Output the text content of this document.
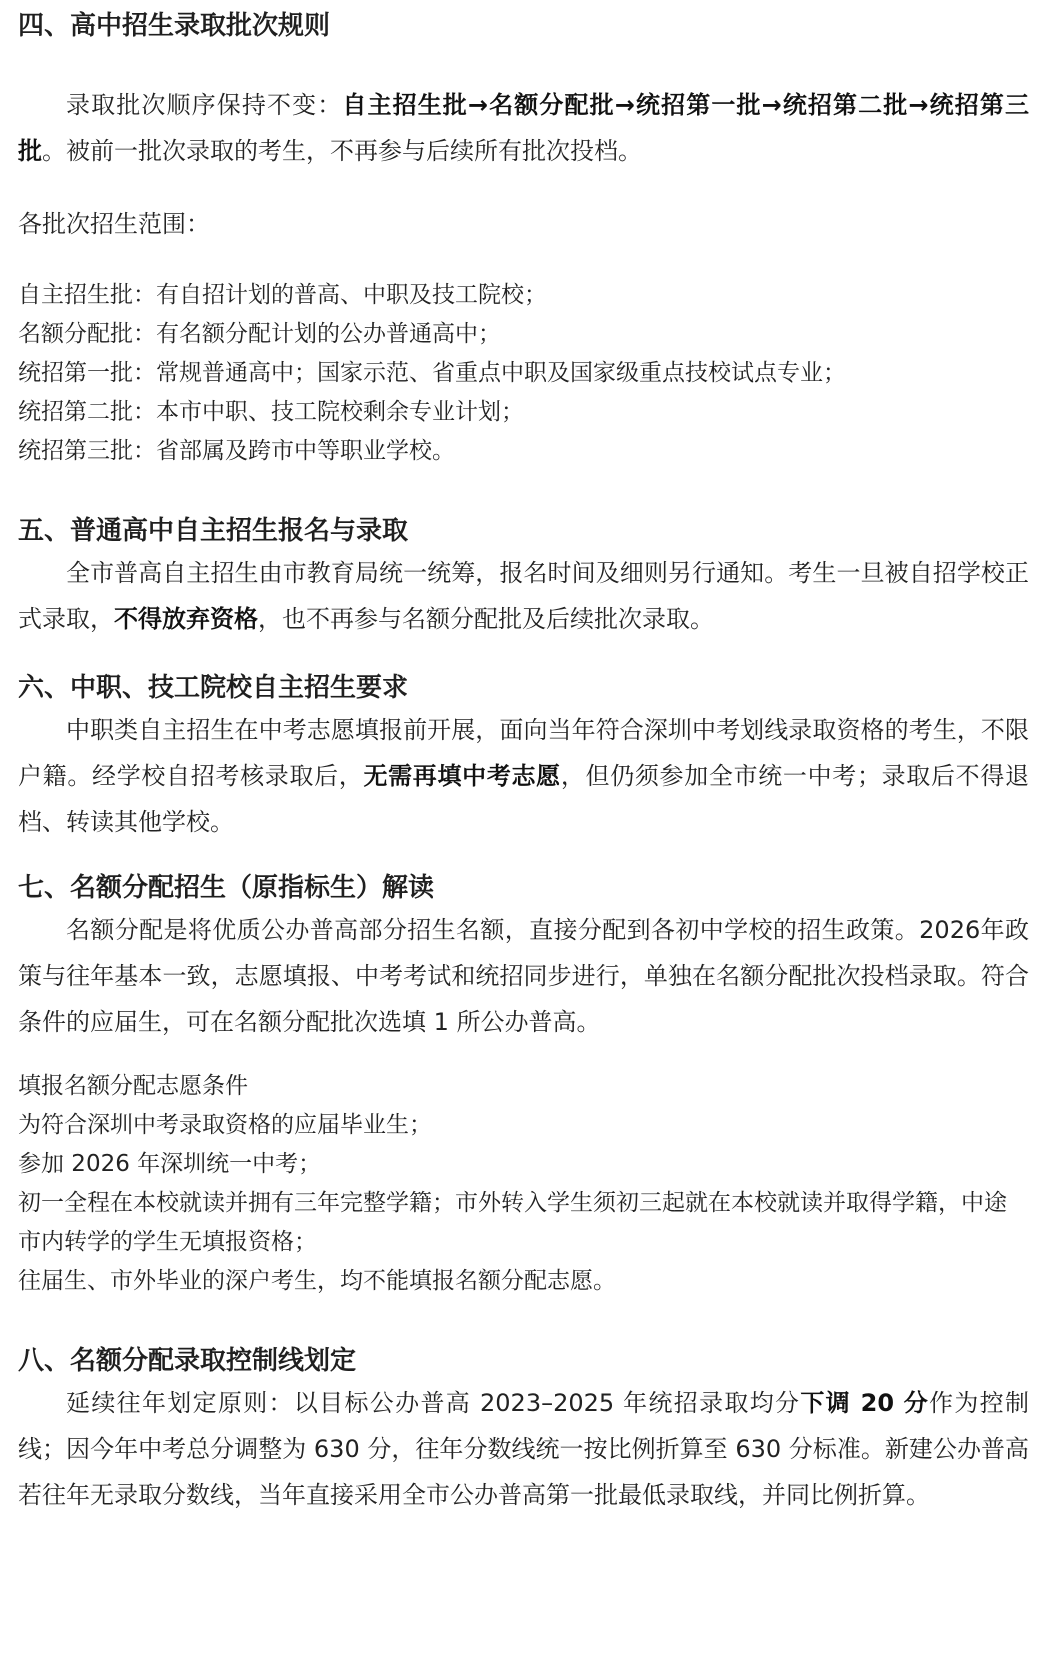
四、高中招生录取批次规则

录取批次顺序保持不变：自主招生批→名额分配批→统招第一批→统招第二批→统招第三批。被前一批次录取的考生，不再参与后续所有批次投档。

各批次招生范围：

自主招生批：有自招计划的普高、中职及技工院校；

名额分配批：有名额分配计划的公办普通高中；

统招第一批：常规普通高中；国家示范、省重点中职及国家级重点技校试点专业；

统招第二批：本市中职、技工院校剩余专业计划；

统招第三批：省部属及跨市中等职业学校。

五、普通高中自主招生报名与录取

全市普高自主招生由市教育局统一统筹，报名时间及细则另行通知。考生一旦被自招学校正式录取，不得放弃资格，也不再参与名额分配批及后续批次录取。

六、中职、技工院校自主招生要求

中职类自主招生在中考志愿填报前开展，面向当年符合深圳中考划线录取资格的考生，不限户籍。经学校自招考核录取后，无需再填中考志愿，但仍须参加全市统一中考；录取后不得退档、转读其他学校。

七、名额分配招生（原指标生）解读

名额分配是将优质公办普高部分招生名额，直接分配到各初中学校的招生政策。2026年政策与往年基本一致，志愿填报、中考考试和统招同步进行，单独在名额分配批次投档录取。符合条件的应届生，可在名额分配批次选填 1 所公办普高。

填报名额分配志愿条件

为符合深圳中考录取资格的应届毕业生；

参加 2026 年深圳统一中考；

初一全程在本校就读并拥有三年完整学籍；市外转入学生须初三起就在本校就读并取得学籍，中途市内转学的学生无填报资格；

往届生、市外毕业的深户考生，均不能填报名额分配志愿。

八、名额分配录取控制线划定

延续往年划定原则：以目标公办普高 2023–2025 年统招录取均分下调 20 分作为控制线；因今年中考总分调整为 630 分，往年分数线统一按比例折算至 630 分标准。新建公办普高若往年无录取分数线，当年直接采用全市公办普高第一批最低录取线，并同比例折算。
